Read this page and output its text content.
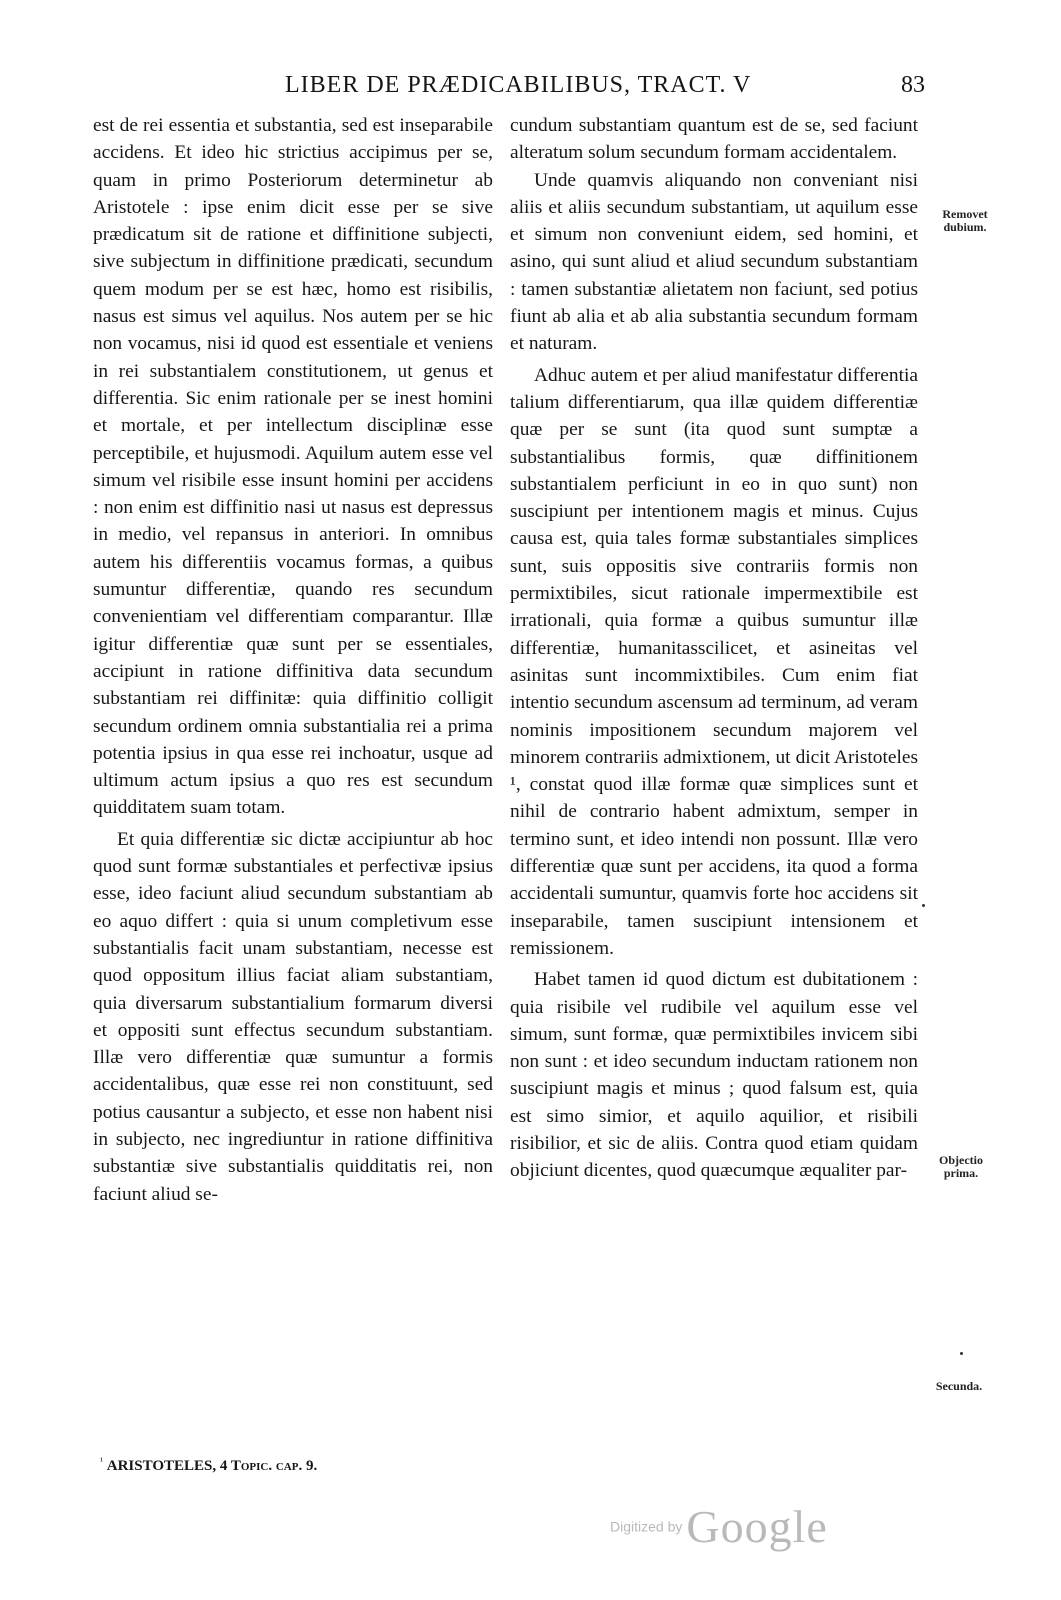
LIBER DE PRÆDICABILIBUS, TRACT. V	83

est de rei essentia et substantia, sed est inseparabile accidens. Et ideo hic strictius accipimus per se, quam in primo Posteriorum determinetur ab Aristotele : ipse enim dicit esse per se sive prædicatum sit de ratione et diffinitione subjecti, sive subjectum in diffinitione prædicati, secundum quem modum per se est hæc, homo est risibilis, nasus est simus vel aquilus. Nos autem per se hic non vocamus, nisi id quod est essentiale et veniens in rei substantialem constitutionem, ut genus et differentia. Sic enim rationale per se inest homini et mortale, et per intellectum disciplinæ esse perceptibile, et hujusmodi. Aquilum autem esse vel simum vel risibile esse insunt homini per accidens : non enim est diffinitio nasi ut nasus est depressus in medio, vel repansus in anteriori. In omnibus autem his differentiis vocamus formas, a quibus sumuntur differentiæ, quando res secundum convenientiam vel differentiam comparantur. Illæ igitur differentiæ quæ sunt per se essentiales, accipiunt in ratione diffinitiva data secundum substantiam rei diffinitæ: quia diffinitio colligit secundum ordinem omnia substantialia rei a prima potentia ipsius in qua esse rei inchoatur, usque ad ultimum actum ipsius a quo res est secundum quidditatem suam totam.

Et quia differentiæ sic dictæ accipiuntur ab hoc quod sunt formæ substantiales et perfectivæ ipsius esse, ideo faciunt aliud secundum substantiam ab eo aquo differt : quia si unum completivum esse substantialis facit unam substantiam, necesse est quod oppositum illius faciat aliam substantiam, quia diversarum substantialium formarum diversi et oppositi sunt effectus secundum substantiam. Illæ vero differentiæ quæ sumuntur a formis accidentalibus, quæ esse rei non constituunt, sed potius causantur a subjecto, et esse non habent nisi in subjecto, nec ingrediuntur in ratione diffinitiva substantiæ sive substantialis quidditatis rei, non faciunt aliud se-

cundum substantiam quantum est de se, sed faciunt alteratum solum secundum formam accidentalem.

Unde quamvis aliquando non conveniant nisi aliis et aliis secundum substantiam, ut aquilum esse et simum non conveniunt eidem, sed homini, et asino, qui sunt aliud et aliud secundum substantiam : tamen substantiæ alietatem non faciunt, sed potius fiunt ab alia et ab alia substantia secundum formam et naturam.

Adhuc autem et per aliud manifestatur differentia talium differentiarum, qua illæ quidem differentiæ quæ per se sunt (ita quod sunt sumptæ a substantialibus formis, quæ diffinitionem substantialem perficiunt in eo in quo sunt) non suscipiunt per intentionem magis et minus. Cujus causa est, quia tales formæ substantiales simplices sunt, suis oppositis sive contrariis formis non permixtibiles, sicut rationale impermextibile est irrationali, quia formæ a quibus sumuntur illæ differentiæ, humanitasscilicet, et asineitas vel asinitas sunt incommixtibiles. Cum enim fiat intentio secundum ascensum ad terminum, ad veram nominis impositionem secundum majorem vel minorem contrariis admixtionem, ut dicit Aristoteles ¹, constat quod illæ formæ quæ simplices sunt et nihil de contrario habent admixtum, semper in termino sunt, et ideo intendi non possunt. Illæ vero differentiæ quæ sunt per accidens, ita quod a forma accidentali sumuntur, quamvis forte hoc accidens sit inseparabile, tamen suscipiunt intensionem et remissionem.

Habet tamen id quod dictum est dubitationem : quia risibile vel rudibile vel aquilum esse vel simum, sunt formæ, quæ permixtibiles invicem sibi non sunt : et ideo secundum inductam rationem non suscipiunt magis et minus ; quod falsum est, quia est simo simior, et aquilo aquilior, et risibili risibilior, et sic de aliis. Contra quod etiam quidam objiciunt dicentes, quod quæcumque æqualiter par-

Removet dubium.
Objectio prima.
Secunda.
$^{^1}$ ARISTOTELES, 4 Topic. cap. 9.
Digitized by Google
